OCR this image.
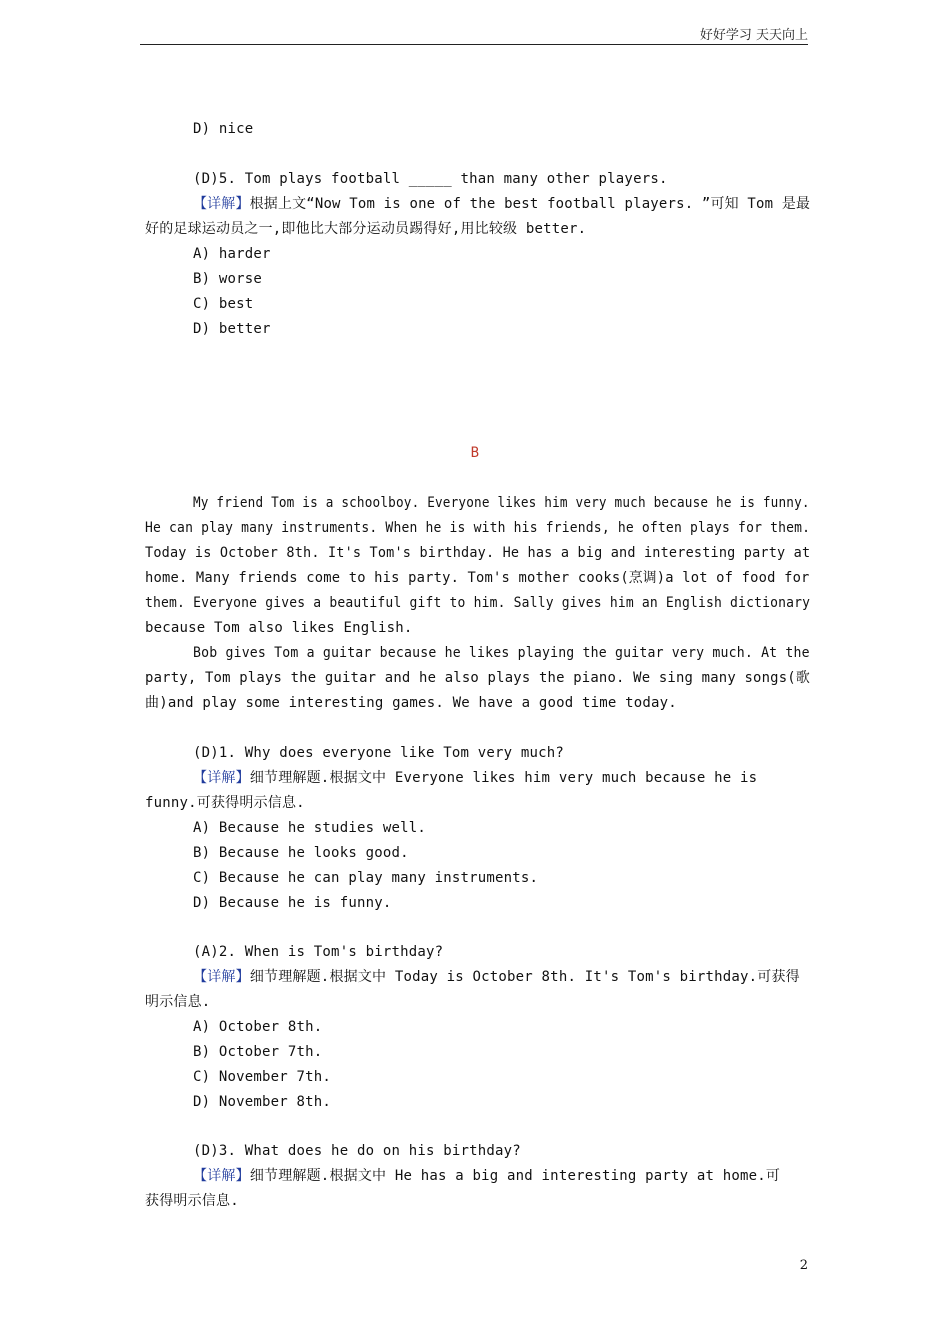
好好学习 天天向上
D) nice
(D)5. Tom plays football _____ than many other players.
【详解】根据上文“Now Tom is one of the best football players. ”可知 Tom 是最
好的足球运动员之一,即他比大部分运动员踢得好,用比较级 better.
A) harder
B) worse
C) best
D) better
B
My friend Tom is a schoolboy. Everyone likes him very much because he is funny.
He can play many instruments. When he is with his friends, he often plays for them.
Today is October 8th. It's Tom's birthday. He has a big and interesting party at
home. Many friends come to his party. Tom's mother cooks(烹调)a lot of food for
them. Everyone gives a beautiful gift to him. Sally gives him an English dictionary
because Tom also likes English.
Bob gives Tom a guitar because he likes playing the guitar very much. At the
party, Tom plays the guitar and he also plays the piano. We sing many songs(歌
曲)and play some interesting games. We have a good time today.
(D)1. Why does everyone like Tom very much?
【详解】细节理解题.根据文中 Everyone likes him very much because he is
funny.可获得明示信息.
A) Because he studies well.
B) Because he looks good.
C) Because he can play many instruments.
D) Because he is funny.
(A)2. When is Tom's birthday?
【详解】细节理解题.根据文中 Today is October 8th. It's Tom's birthday.可获得
明示信息.
A) October 8th.
B) October 7th.
C) November 7th.
D) November 8th.
(D)3. What does he do on his birthday?
【详解】细节理解题.根据文中 He has a big and interesting party at home.可
获得明示信息.
2
